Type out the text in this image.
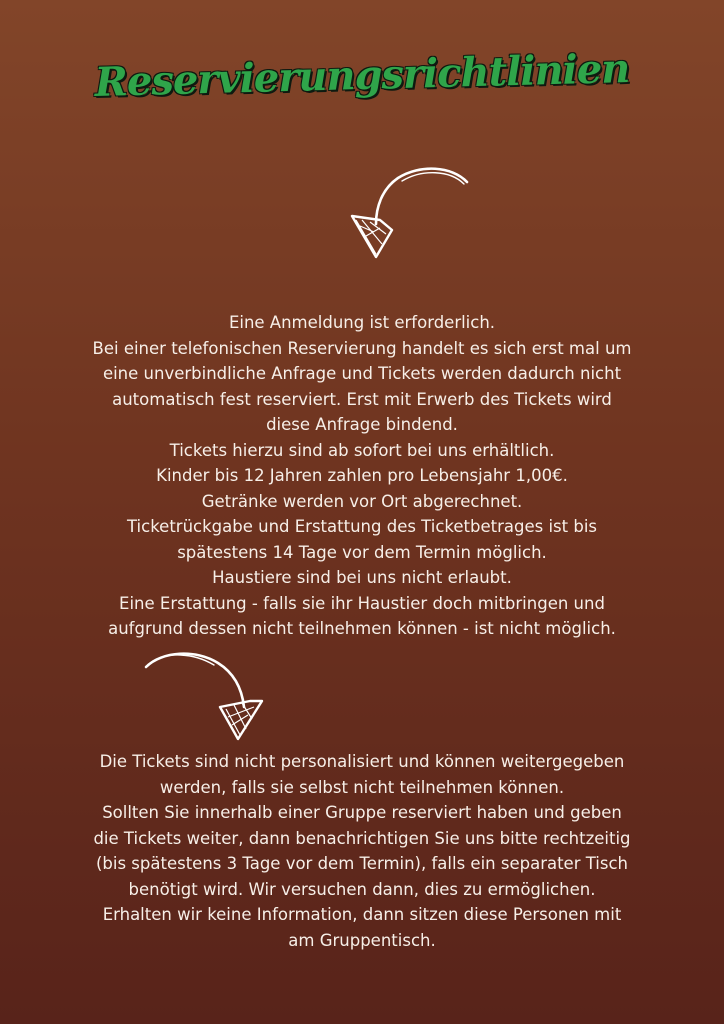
Reservierungsrichtlinien
Eine Anmeldung ist erforderlich.
Bei einer telefonischen Reservierung handelt es sich erst mal um
eine unverbindliche Anfrage und Tickets werden dadurch nicht
automatisch fest reserviert. Erst mit Erwerb des Tickets wird
diese Anfrage bindend.
Tickets hierzu sind ab sofort bei uns erhältlich.
Kinder bis 12 Jahren zahlen pro Lebensjahr 1,00€.
Getränke werden vor Ort abgerechnet.
Ticketrückgabe und Erstattung des Ticketbetrages ist bis
spätestens 14 Tage vor dem Termin möglich.
Haustiere sind bei uns nicht erlaubt.
Eine Erstattung - falls sie ihr Haustier doch mitbringen und
aufgrund dessen nicht teilnehmen können - ist nicht möglich.
Die Tickets sind nicht personalisiert und können weitergegeben
werden, falls sie selbst nicht teilnehmen können.
Sollten Sie innerhalb einer Gruppe reserviert haben und geben
die Tickets weiter, dann benachrichtigen Sie uns bitte rechtzeitig
(bis spätestens 3 Tage vor dem Termin), falls ein separater Tisch
benötigt wird. Wir versuchen dann, dies zu ermöglichen.
Erhalten wir keine Information, dann sitzen diese Personen mit
am Gruppentisch.
